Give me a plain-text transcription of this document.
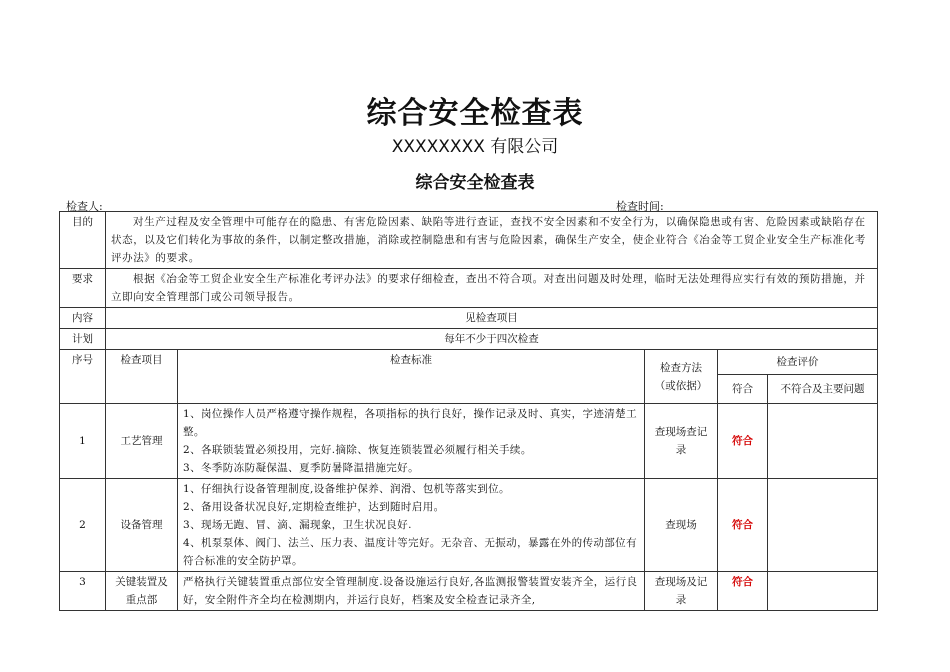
综合安全检查表
XXXXXXXX 有限公司
综合安全检查表
检查人:	检查时间:
目的	对生产过程及安全管理中可能存在的隐患、有害危险因素、缺陷等进行查证，查找不安全因素和不安全行为，以确保隐患或有害、危险因素或缺陷存在状态，以及它们转化为事故的条件，以制定整改措施，消除或控制隐患和有害与危险因素，确保生产安全，使企业符合《冶金等工贸企业安全生产标准化考评办法》的要求。				
要求	根据《冶金等工贸企业安全生产标准化考评办法》的要求仔细检查，查出不符合项。对查出问题及时处理，临时无法处理得应实行有效的预防措施，并立即向安全管理部门或公司领导报告。				
内容	见检查项目				
计划	每年不少于四次检查				
序号	检查项目	检查标准	检查方法（或依据）	检查评价	
				符合	不符合及主要问题
1	工艺管理	1、岗位操作人员严格遵守操作规程，各项指标的执行良好，操作记录及时、真实，字迹清楚工整。
2、各联锁装置必须投用，完好.摘除、恢复连锁装置必须履行相关手续。
3、冬季防冻防凝保温、夏季防暑降温措施完好。	查现场查记录	符合	
2	设备管理	1、仔细执行设备管理制度,设备维护保养、润滑、包机等落实到位。
2、备用设备状况良好,定期检查维护，达到随时启用。
3、现场无跑、冒、滴、漏现象，卫生状况良好.
4、机泵泵体、阀门、法兰、压力表、温度计等完好。无杂音、无振动，暴露在外的传动部位有符合标准的安全防护罩。	查现场	符合	
3	关键装置及重点部	严格执行关键装置重点部位安全管理制度.设备设施运行良好,各监测报警装置安装齐全，运行良好，安全附件齐全均在检测期内，并运行良好，档案及安全检查记录齐全,	查现场及记录	符合	
